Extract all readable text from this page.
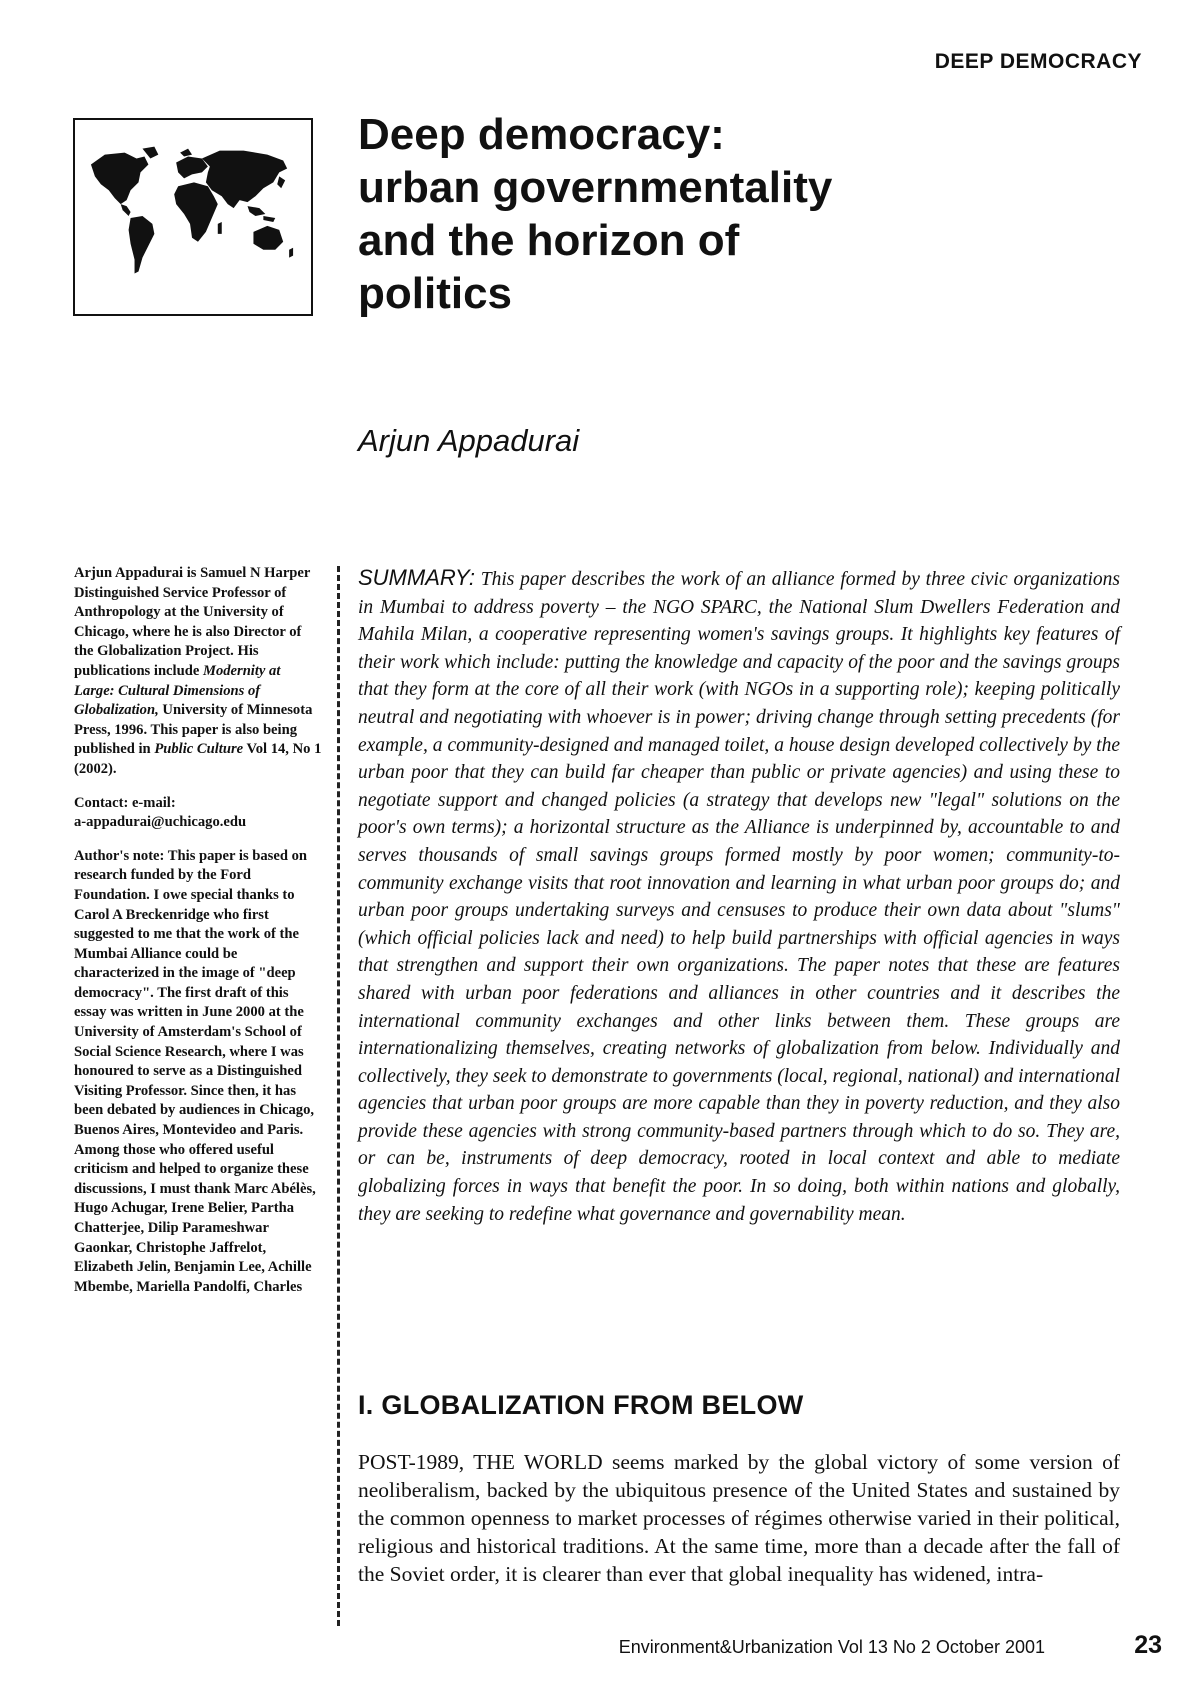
DEEP DEMOCRACY
Deep democracy:
urban governmentality
and the horizon of
politics
Arjun Appadurai

Arjun Appadurai is Samuel N Harper Distinguished Service Professor of Anthropology at the University of Chicago, where he is also Director of the Globalization Project. His publications include Modernity at Large: Cultural Dimensions of Globalization, University of Minnesota Press, 1996. This paper is also being published in Public Culture Vol 14, No 1 (2002).

Contact: e-mail:
a-appadurai@uchicago.edu

Author's note: This paper is based on research funded by the Ford Foundation. I owe special thanks to Carol A Breckenridge who first suggested to me that the work of the Mumbai Alliance could be characterized in the image of "deep democracy". The first draft of this essay was written in June 2000 at the University of Amsterdam's School of Social Science Research, where I was honoured to serve as a Distinguished Visiting Professor. Since then, it has been debated by audiences in Chicago, Buenos Aires, Montevideo and Paris. Among those who offered useful criticism and helped to organize these discussions, I must thank Marc Abélès, Hugo Achugar, Irene Belier, Partha Chatterjee, Dilip Parameshwar Gaonkar, Christophe Jaffrelot, Elizabeth Jelin, Benjamin Lee, Achille Mbembe, Mariella Pandolfi, Charles

SUMMARY: This paper describes the work of an alliance formed by three civic organizations in Mumbai to address poverty – the NGO SPARC, the National Slum Dwellers Federation and Mahila Milan, a cooperative representing women's savings groups. It highlights key features of their work which include: putting the knowledge and capacity of the poor and the savings groups that they form at the core of all their work (with NGOs in a supporting role); keeping politically neutral and negotiating with whoever is in power; driving change through setting precedents (for example, a community-designed and managed toilet, a house design developed collectively by the urban poor that they can build far cheaper than public or private agencies) and using these to negotiate support and changed policies (a strategy that develops new "legal" solutions on the poor's own terms); a horizontal structure as the Alliance is underpinned by, accountable to and serves thousands of small savings groups formed mostly by poor women; community-to-community exchange visits that root innovation and learning in what urban poor groups do; and urban poor groups undertaking surveys and censuses to produce their own data about "slums" (which official policies lack and need) to help build partnerships with official agencies in ways that strengthen and support their own organizations. The paper notes that these are features shared with urban poor federations and alliances in other countries and it describes the international community exchanges and other links between them. These groups are internationalizing themselves, creating networks of globalization from below. Individually and collectively, they seek to demonstrate to governments (local, regional, national) and international agencies that urban poor groups are more capable than they in poverty reduction, and they also provide these agencies with strong community-based partners through which to do so. They are, or can be, instruments of deep democracy, rooted in local context and able to mediate globalizing forces in ways that benefit the poor. In so doing, both within nations and globally, they are seeking to redefine what governance and governability mean.

I. GLOBALIZATION FROM BELOW

POST-1989, THE WORLD seems marked by the global victory of some version of neoliberalism, backed by the ubiquitous presence of the United States and sustained by the common openness to market processes of régimes otherwise varied in their political, religious and historical traditions. At the same time, more than a decade after the fall of the Soviet order, it is clearer than ever that global inequality has widened, intra-

Environment&Urbanization Vol 13 No 2 October 2001	23
